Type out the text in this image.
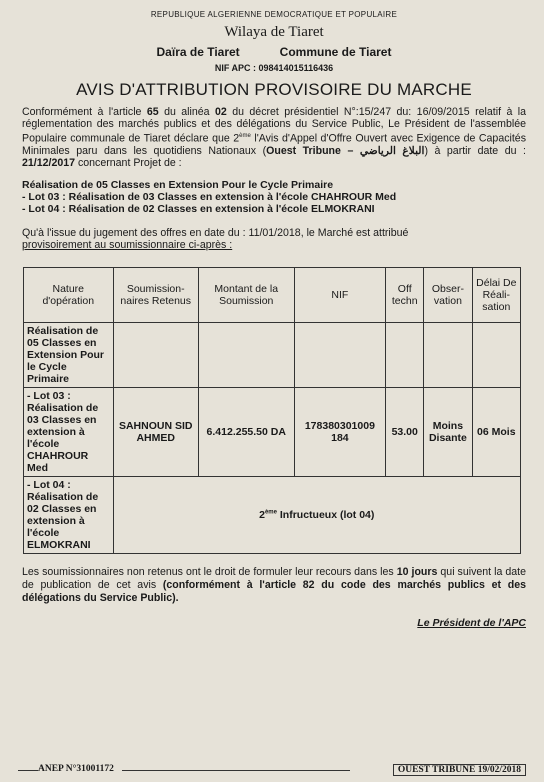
REPUBLIQUE ALGERIENNE DEMOCRATIQUE ET POPULAIRE
Wilaya de Tiaret
Daïra de Tiaret	Commune de Tiaret
NIF APC : 098414015116436
AVIS D'ATTRIBUTION PROVISOIRE DU MARCHE
Conformément à l'article 65 du alinéa 02 du décret présidentiel N°:15/247 du: 16/09/2015 relatif à la réglementation des marchés publics et des délégations du Service Public, Le Président de l'assemblée Populaire communale de Tiaret déclare que 2ème l'Avis d'Appel d'Offre Ouvert avec Exigence de Capacités Minimales paru dans les quotidiens Nationaux (Ouest Tribune – البلاغ الرياضي) à partir date du : 21/12/2017 concernant Projet de :
Réalisation de 05 Classes en Extension Pour le Cycle Primaire
- Lot 03 : Réalisation de 03 Classes en extension à l'école CHAHROUR Med
- Lot 04 : Réalisation de 02 Classes en extension à l'école ELMOKRANI
Qu'à l'issue du jugement des offres en date du : 11/01/2018, le Marché est attribué
provisoirement au soumissionnaire ci-après :
Nature d'opération	Soumission-naires Retenus	Montant de la Soumission	NIF	Off techn	Obser-vation	Délai De Réali-sation
Réalisation de 05 Classes en Extension Pour le Cycle Primaire						
- Lot 03 : Réalisation de 03 Classes en extension à l'école CHAHROUR Med	SAHNOUN SID AHMED	6.412.255.50 DA	178380301009 184	53.00	Moins Disante	06 Mois
- Lot 04 : Réalisation de 02 Classes en extension à l'école ELMOKRANI	2ème Infructueux (lot 04)					
Les soumissionnaires non retenus ont le droit de formuler leur recours dans les 10 jours qui suivent la date de publication de cet avis (conformément à l'article 82 du code des marchés publics et des délégations du Service Public).
Le Président de l'APC
ANEP N°31001172	OUEST TRIBUNE 19/02/2018
